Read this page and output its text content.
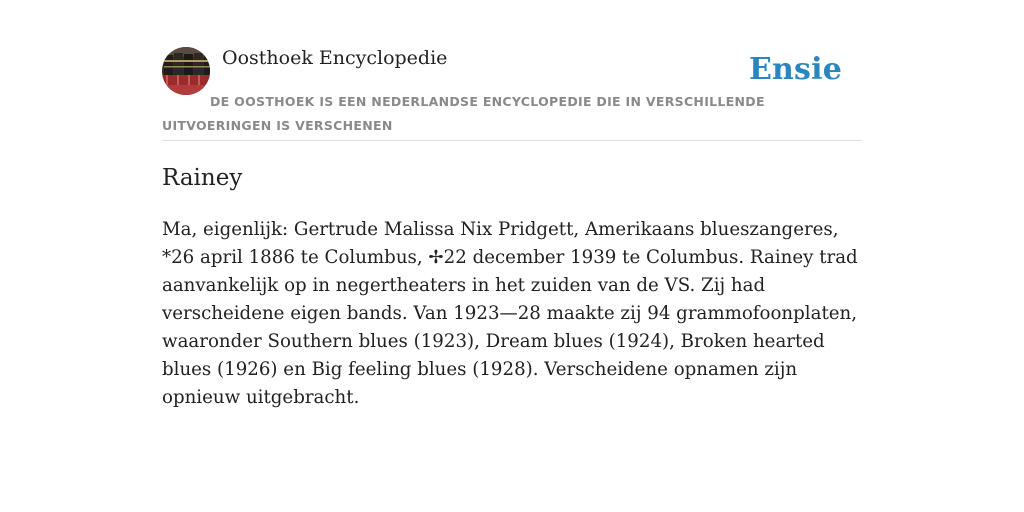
Oosthoek Encyclopedie	Ensie
DE OOSTHOEK IS EEN NEDERLANDSE ENCYCLOPEDIE DIE IN VERSCHILLENDE UITVOERINGEN IS VERSCHENEN
Rainey

Ma, eigenlijk: Gertrude Malissa Nix Pridgett, Amerikaans blueszangeres, *26 april 1886 te Columbus, ✢22 december 1939 te Columbus. Rainey trad aanvankelijk op in negertheaters in het zuiden van de VS. Zij had verscheidene eigen bands. Van 1923—28 maakte zij 94 grammofoonplaten, waaronder Southern blues (1923), Dream blues (1924), Broken hearted blues (1926) en Big feeling blues (1928). Verscheidene opnamen zijn opnieuw uitgebracht.
